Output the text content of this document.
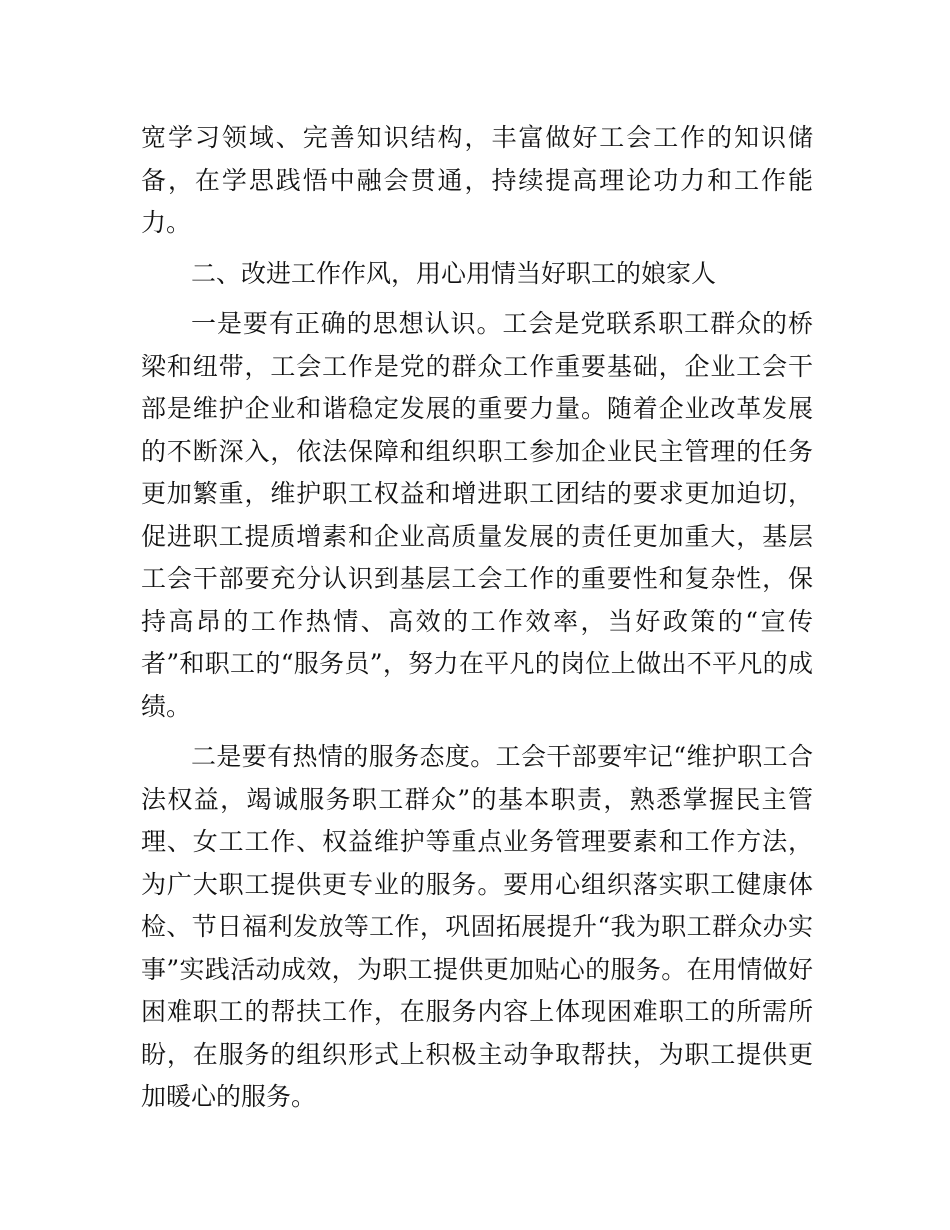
宽学习领域、完善知识结构，丰富做好工会工作的知识储备，在学思践悟中融会贯通，持续提高理论功力和工作能力。

二、改进工作作风，用心用情当好职工的娘家人

一是要有正确的思想认识。工会是党联系职工群众的桥梁和纽带，工会工作是党的群众工作重要基础，企业工会干部是维护企业和谐稳定发展的重要力量。随着企业改革发展的不断深入，依法保障和组织职工参加企业民主管理的任务更加繁重，维护职工权益和增进职工团结的要求更加迫切，促进职工提质增素和企业高质量发展的责任更加重大，基层工会干部要充分认识到基层工会工作的重要性和复杂性，保持高昂的工作热情、高效的工作效率，当好政策的“宣传者”和职工的“服务员”，努力在平凡的岗位上做出不平凡的成绩。

二是要有热情的服务态度。工会干部要牢记“维护职工合法权益，竭诚服务职工群众”的基本职责，熟悉掌握民主管理、女工工作、权益维护等重点业务管理要素和工作方法，为广大职工提供更专业的服务。要用心组织落实职工健康体检、节日福利发放等工作，巩固拓展提升“我为职工群众办实事”实践活动成效，为职工提供更加贴心的服务。在用情做好困难职工的帮扶工作，在服务内容上体现困难职工的所需所盼，在服务的组织形式上积极主动争取帮扶，为职工提供更加暖心的服务。
